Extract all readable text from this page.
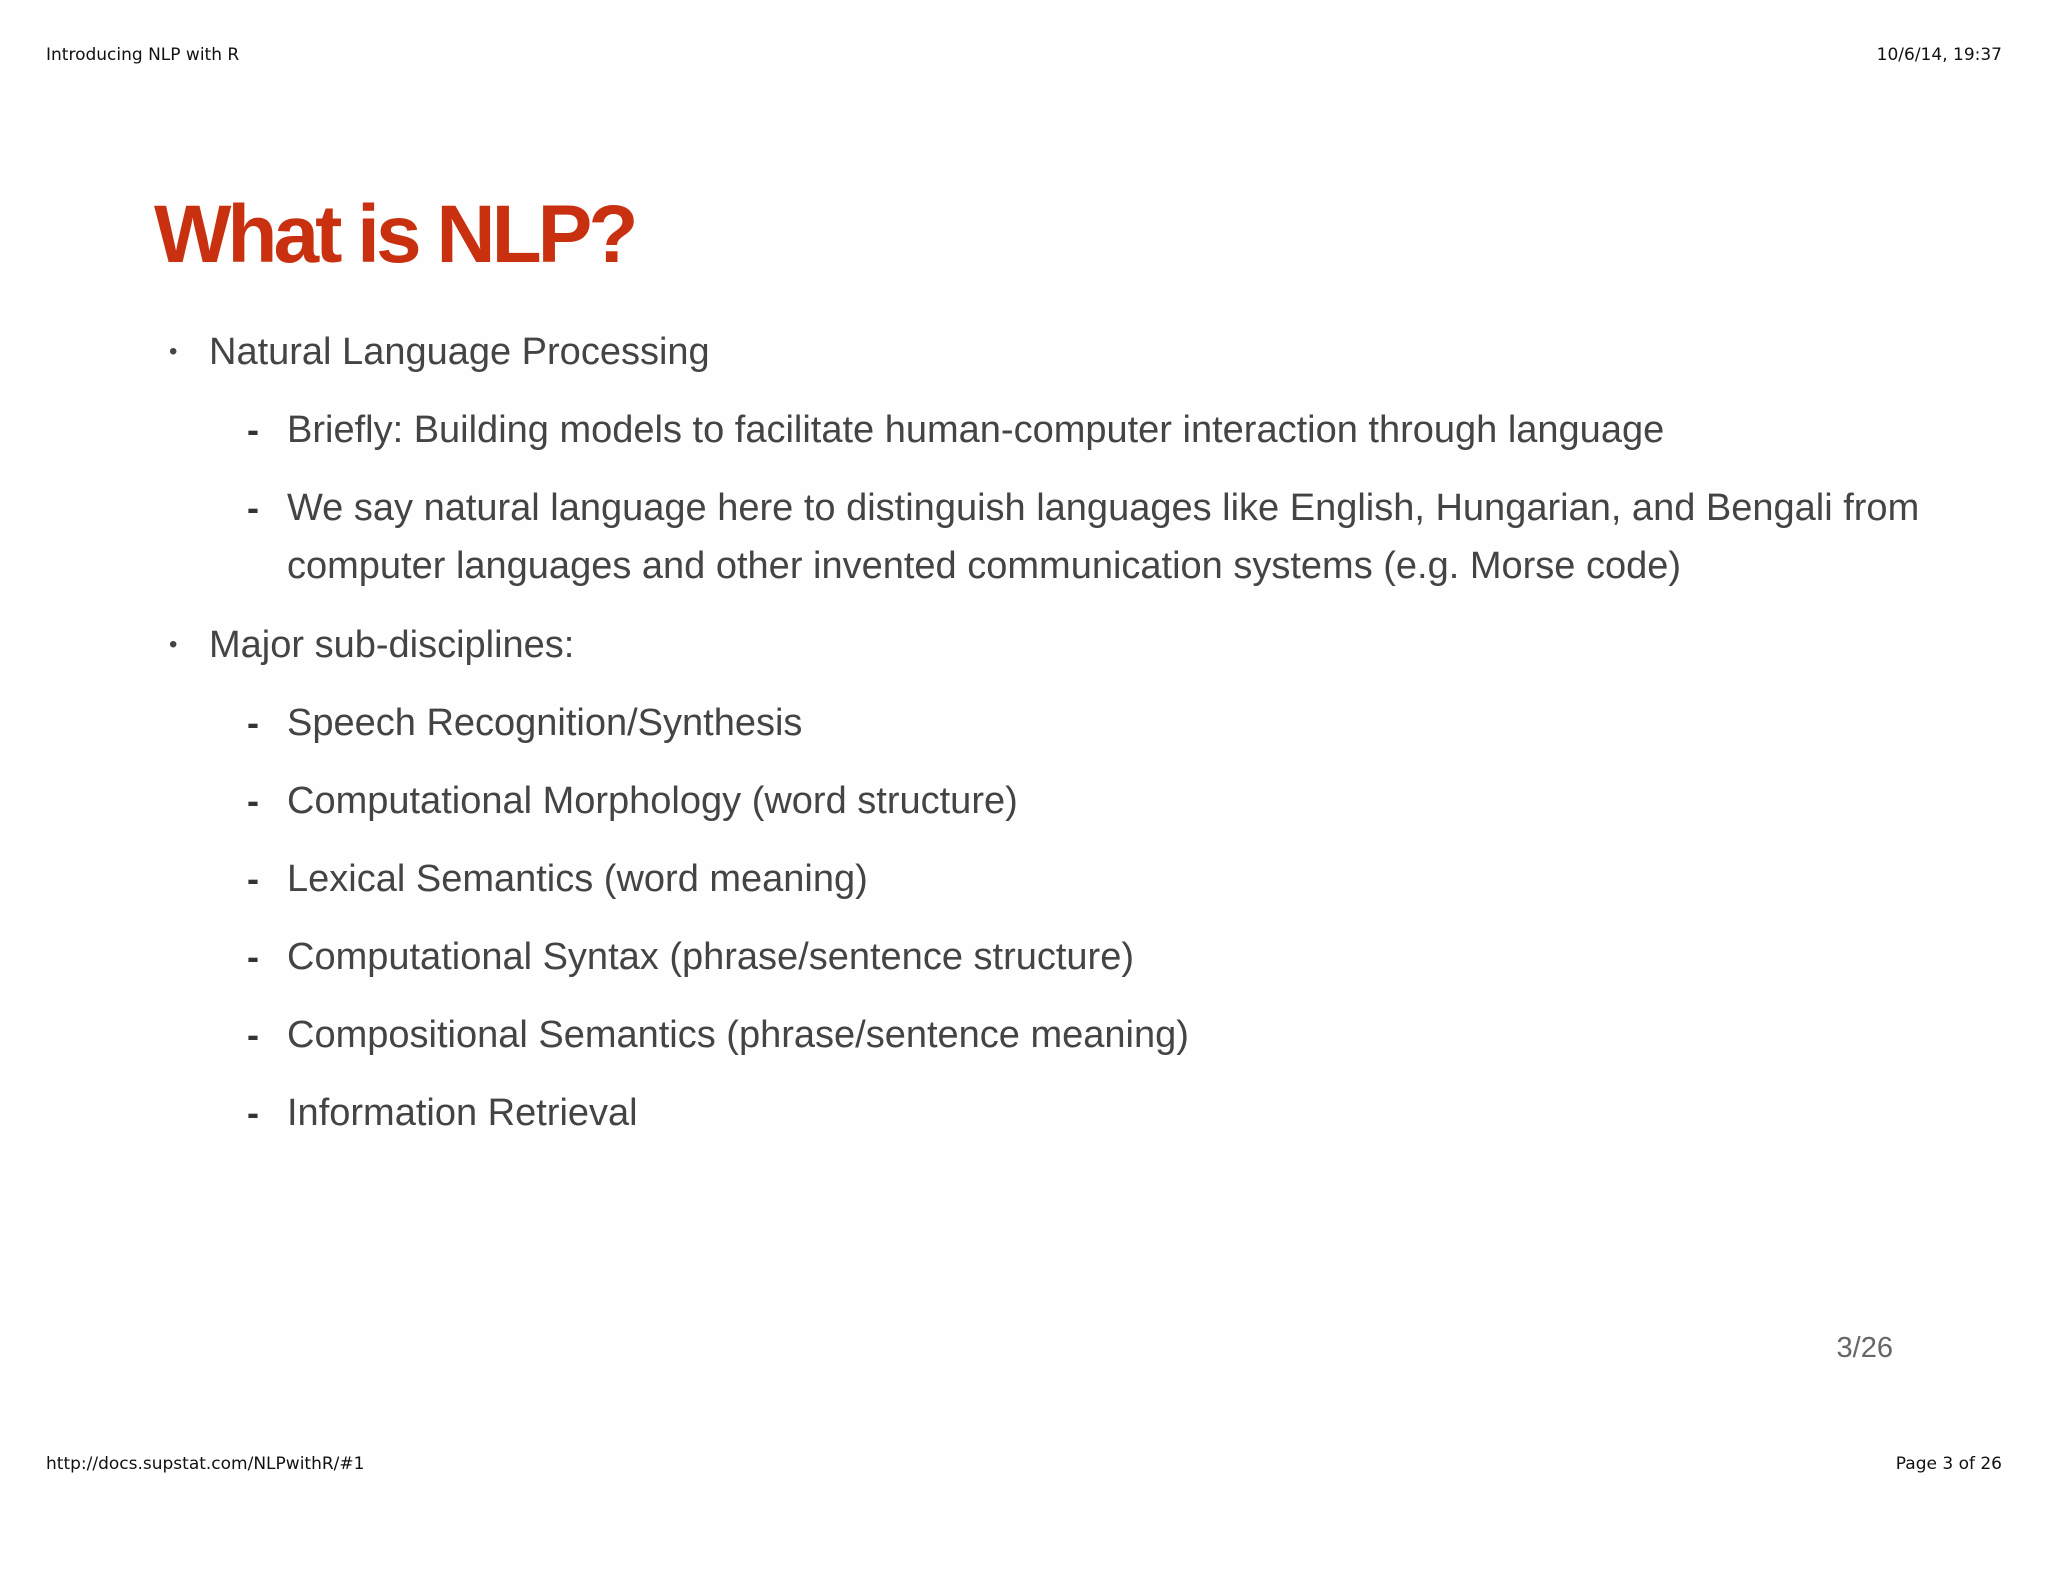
Introducing NLP with R	10/6/14, 19:37
What is NLP?
• Natural Language Processing
- Briefly: Building models to facilitate human-computer interaction through language
- We say natural language here to distinguish languages like English, Hungarian, and Bengali from computer languages and other invented communication systems (e.g. Morse code)
• Major sub-disciplines:
- Speech Recognition/Synthesis
- Computational Morphology (word structure)
- Lexical Semantics (word meaning)
- Computational Syntax (phrase/sentence structure)
- Compositional Semantics (phrase/sentence meaning)
- Information Retrieval
3/26
http://docs.supstat.com/NLPwithR/#1	Page 3 of 26
